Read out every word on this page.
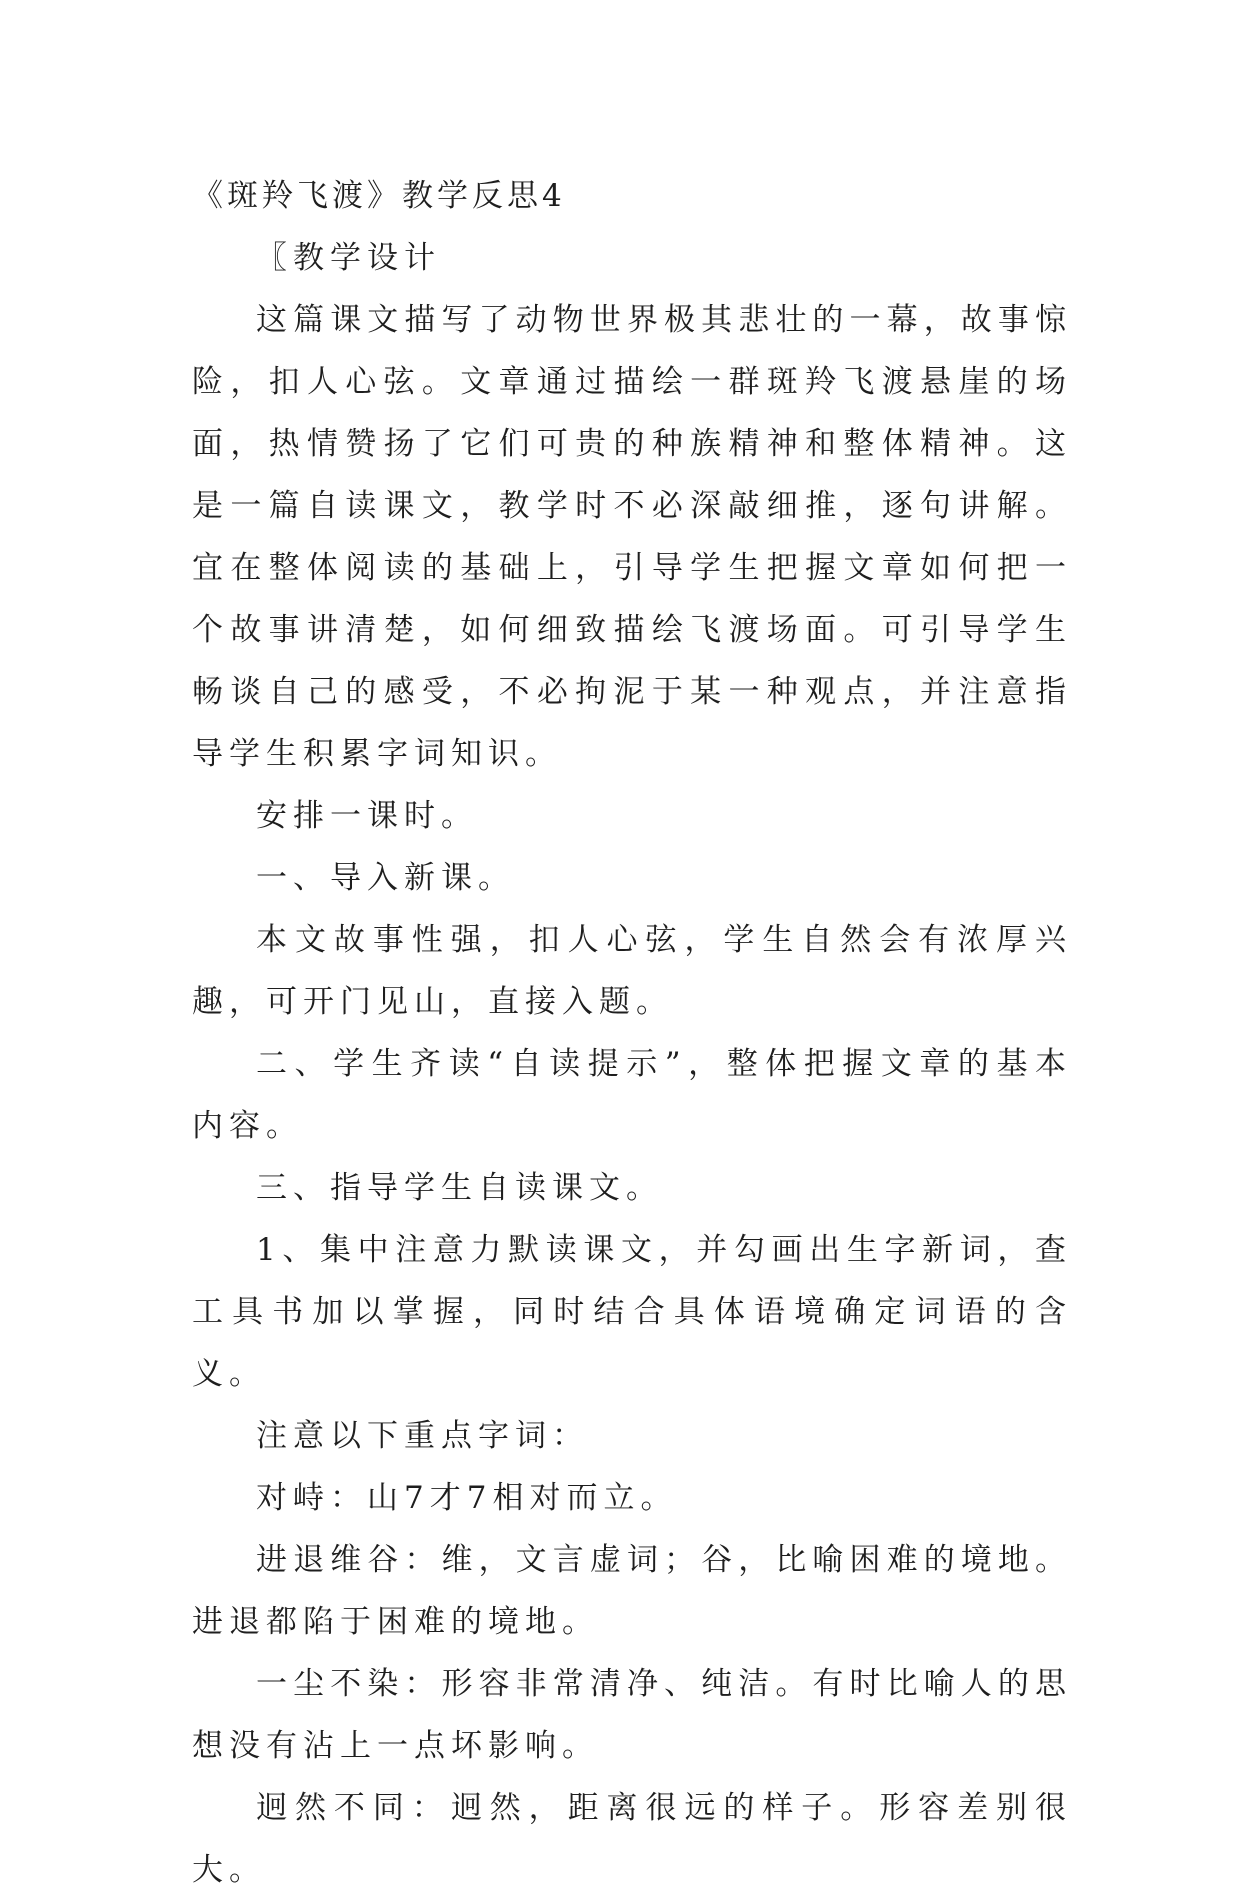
《斑羚飞渡》教学反思4

〖教学设计

这篇课文描写了动物世界极其悲壮的一幕，故事惊险，扣人心弦。文章通过描绘一群斑羚飞渡悬崖的场面，热情赞扬了它们可贵的种族精神和整体精神。这是一篇自读课文，教学时不必深敲细推，逐句讲解。宜在整体阅读的基础上，引导学生把握文章如何把一个故事讲清楚，如何细致描绘飞渡场面。可引导学生畅谈自己的感受，不必拘泥于某一种观点，并注意指导学生积累字词知识。

安排一课时。

一、导入新课。

本文故事性强，扣人心弦，学生自然会有浓厚兴趣，可开门见山，直接入题。

二、学生齐读“自读提示”，整体把握文章的基本内容。

三、指导学生自读课文。

1、集中注意力默读课文，并勾画出生字新词，查工具书加以掌握，同时结合具体语境确定词语的含义。

注意以下重点字词：

对峙：山7才7相对而立。

进退维谷：维，文言虚词；谷，比喻困难的境地。进退都陷于困难的境地。

一尘不染：形容非常清净、纯洁。有时比喻人的思想没有沾上一点坏影响。

迥然不同：迥然，距离很远的样子。形容差别很大。
